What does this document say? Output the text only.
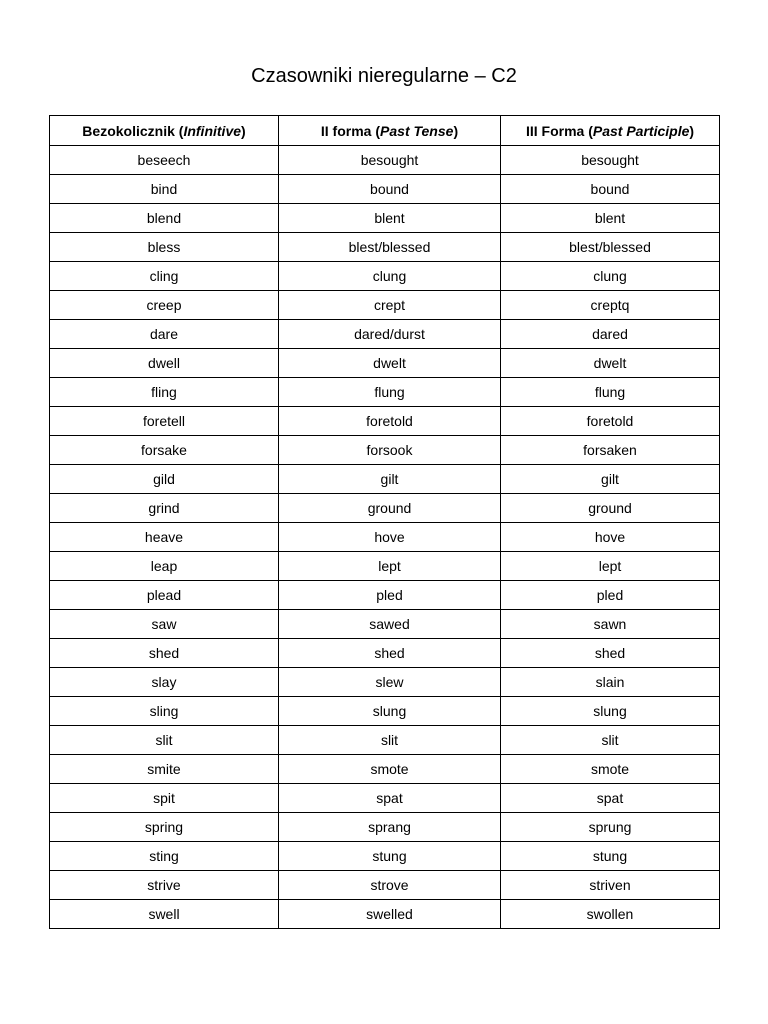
Czasowniki nieregularne – C2
Bezokolicznik (Infinitive)	II forma (Past Tense)	III Forma (Past Participle)
beseech	besought	besought
bind	bound	bound
blend	blent	blent
bless	blest/blessed	blest/blessed
cling	clung	clung
creep	crept	creptq
dare	dared/durst	dared
dwell	dwelt	dwelt
fling	flung	flung
foretell	foretold	foretold
forsake	forsook	forsaken
gild	gilt	gilt
grind	ground	ground
heave	hove	hove
leap	lept	lept
plead	pled	pled
saw	sawed	sawn
shed	shed	shed
slay	slew	slain
sling	slung	slung
slit	slit	slit
smite	smote	smote
spit	spat	spat
spring	sprang	sprung
sting	stung	stung
strive	strove	striven
swell	swelled	swollen
